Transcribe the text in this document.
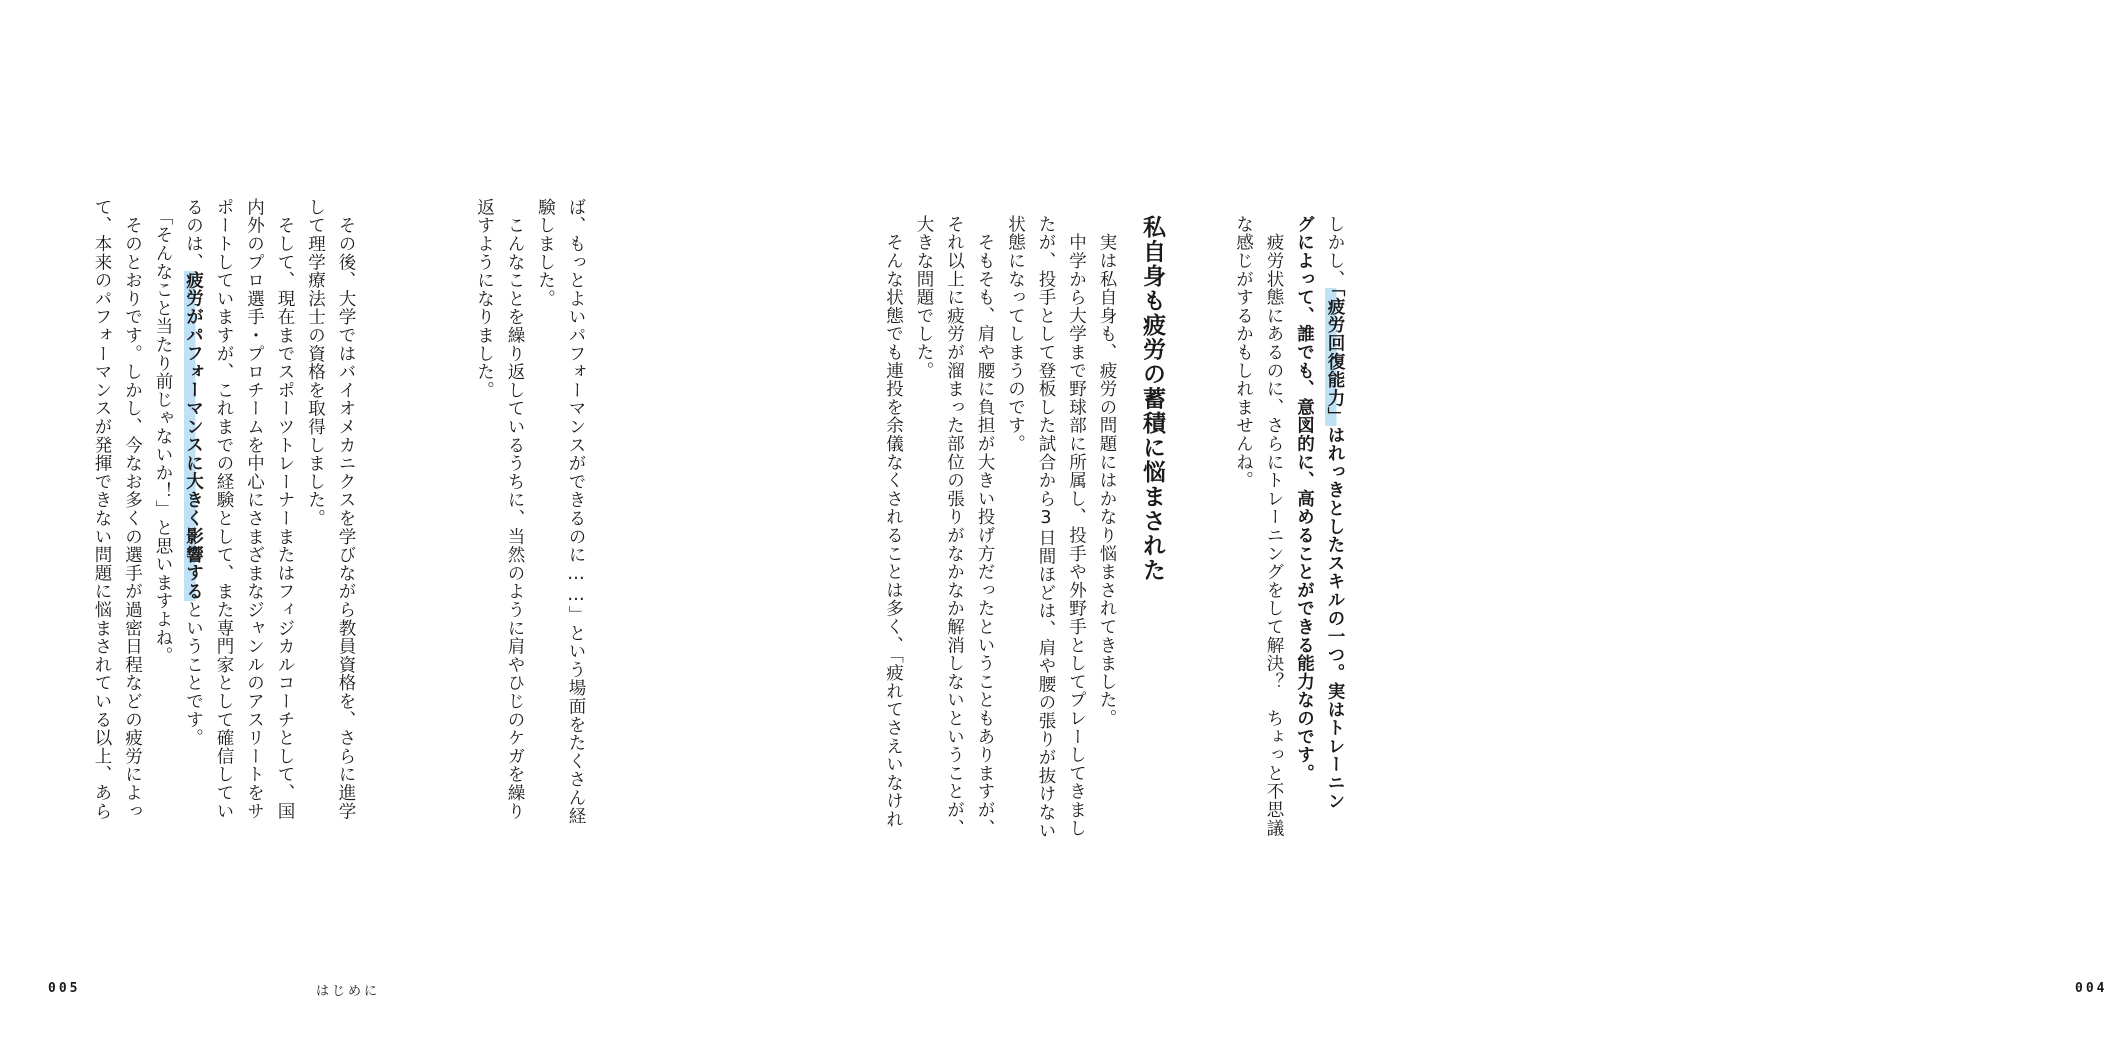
しかし、「疲労回復能力」はれっきとしたスキルの一つ。実はトレーニン
グによって、誰でも、意図的に、高めることができる能力なのです。
　疲労状態にあるのに、さらにトレーニングをして解決？　ちょっと不思議
な感じがするかもしれませんね。
私自身も疲労の蓄積に悩まされた
　実は私自身も、疲労の問題にはかなり悩まされてきました。
　中学から大学まで野球部に所属し、投手や外野手としてプレーしてきまし
たが、投手として登板した試合から3日間ほどは、肩や腰の張りが抜けない
状態になってしまうのです。
　そもそも、肩や腰に負担が大きい投げ方だったということもありますが、
それ以上に疲労が溜まった部位の張りがなかなか解消しないということが、
大きな問題でした。
　そんな状態でも連投を余儀なくされることは多く、「疲れてさえいなけれ
004
ば、もっとよいパフォーマンスができるのに……」という場面をたくさん経
験しました。
　こんなことを繰り返しているうちに、当然のように肩やひじのケガを繰り
返すようになりました。
　その後、大学ではバイオメカニクスを学びながら教員資格を、さらに進学
して理学療法士の資格を取得しました。
　そして、現在までスポーツトレーナーまたはフィジカルコーチとして、国
内外のプロ選手・プロチームを中心にさまざまなジャンルのアスリートをサ
ポートしていますが、これまでの経験として、また専門家として確信してい
るのは、疲労がパフォーマンスに大きく影響するということです。
　「そんなこと当たり前じゃないか！」と思いますよね。
　そのとおりです。しかし、今なお多くの選手が過密日程などの疲労によっ
て、本来のパフォーマンスが発揮できない問題に悩まされている以上、あら
はじめに
005
